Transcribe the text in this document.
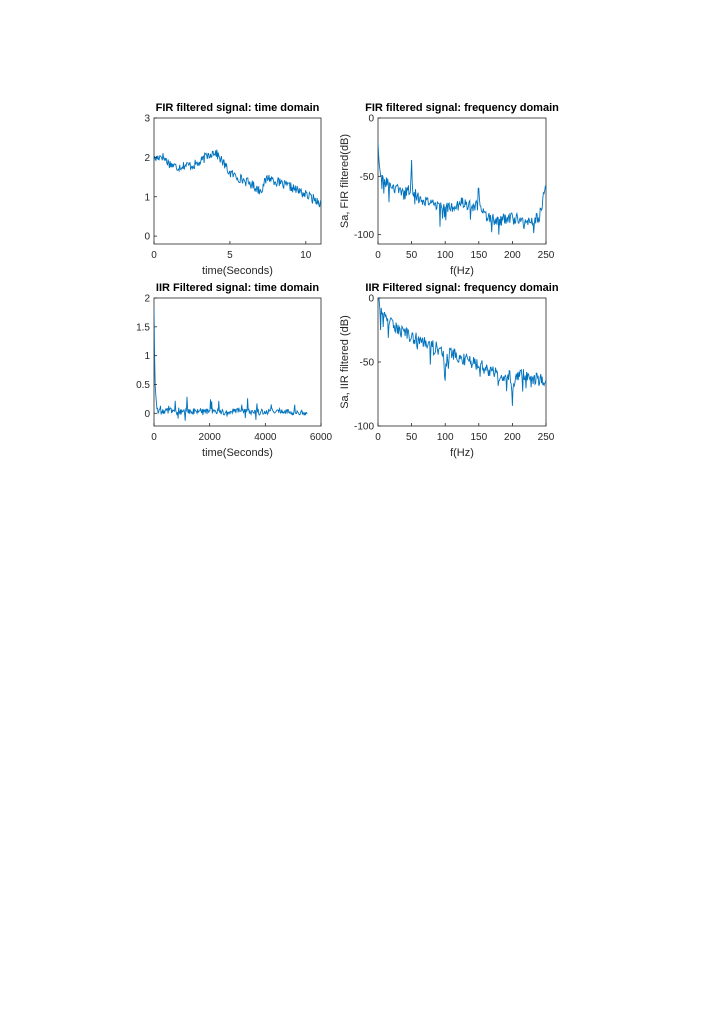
0	5	10
0
1
2
3
FIR filtered signal: time domain
time(Seconds)
0	50 100 150 200 250
-100
-50
0
FIR filtered signal: frequency domain
f(Hz)
Sa, FIR filtered(dB)
0	2000	4000	6000
0
0.5
1
1.5
2
IIR Filtered signal: time domain
time(Seconds)
0	50 100 150 200 250
-100
-50
0
IIR Filtered signal: frequency domain
f(Hz)
Sa, IIR filtered (dB)
